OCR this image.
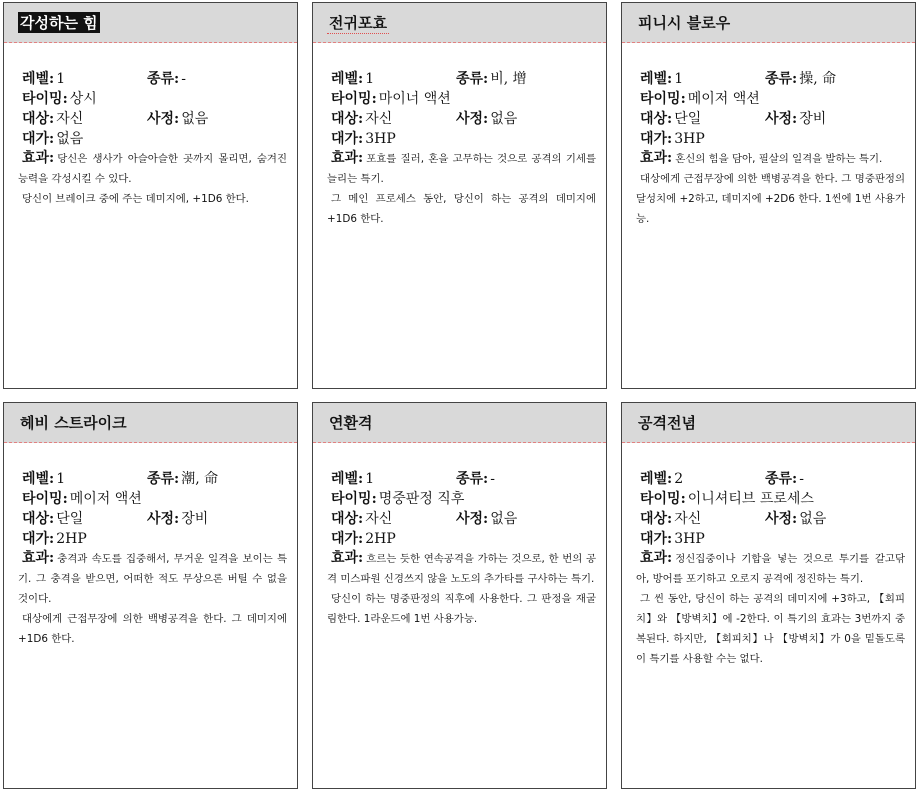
각성하는 힘
레벨: 1	종류: -
타이밍: 상시
대상: 자신	사정: 없음
대가: 없음

효과: 당신은 생사가 아슬아슬한 곳까지 몰리면, 숨겨진 능력을 각성시킬 수 있다.

당신이 브레이크 중에 주는 데미지에, +1D6 한다.

전귀포효
레벨: 1	종류: 비, 增
타이밍: 마이너 액션
대상: 자신	사정: 없음
대가: 3HP

효과: 포효를 질러, 혼을 고무하는 것으로 공격의 기세를 늘리는 특기.

그 메인 프로세스 동안, 당신이 하는 공격의 데미지에 +1D6 한다.

피니시 블로우
레벨: 1	종류: 操, 命
타이밍: 메이저 액션
대상: 단일	사정: 장비
대가: 3HP

효과: 혼신의 힘을 담아, 필살의 일격을 발하는 특기.

대상에게 근접무장에 의한 백병공격을 한다. 그 명중판정의 달성치에 +2하고, 데미지에 +2D6 한다. 1씬에 1번 사용가능.

헤비 스트라이크
레벨: 1	종류: 潮, 命
타이밍: 메이저 액션
대상: 단일	사정: 장비
대가: 2HP

효과: 충격과 속도를 집중해서, 무거운 일격을 보이는 특기. 그 충격을 받으면, 어떠한 적도 무상으론 버틸 수 없을 것이다.

대상에게 근접무장에 의한 백병공격을 한다. 그 데미지에 +1D6 한다.

연환격
레벨: 1	종류: -
타이밍: 명중판정 직후
대상: 자신	사정: 없음
대가: 2HP

효과: 흐르는 듯한 연속공격을 가하는 것으로, 한 번의 공격 미스파원 신경쓰지 않을 노도의 추가타를 구사하는 특기.

당신이 하는 명중판정의 직후에 사용한다. 그 판정을 재굴림한다. 1라운드에 1번 사용가능.

공격전념
레벨: 2	종류: -
타이밍: 이니셔티브 프로세스
대상: 자신	사정: 없음
대가: 3HP

효과: 정신집중이나 기합을 넣는 것으로 투기를 갈고닦아, 방어를 포기하고 오로지 공격에 정진하는 특기.

그 씬 동안, 당신이 하는 공격의 데미지에 +3하고, 【회피치】와 【방벽치】에 -2한다. 이 특기의 효과는 3번까지 중복된다. 하지만, 【회피치】나 【방벽치】가 0을 밑돌도록 이 특기를 사용할 수는 없다.
